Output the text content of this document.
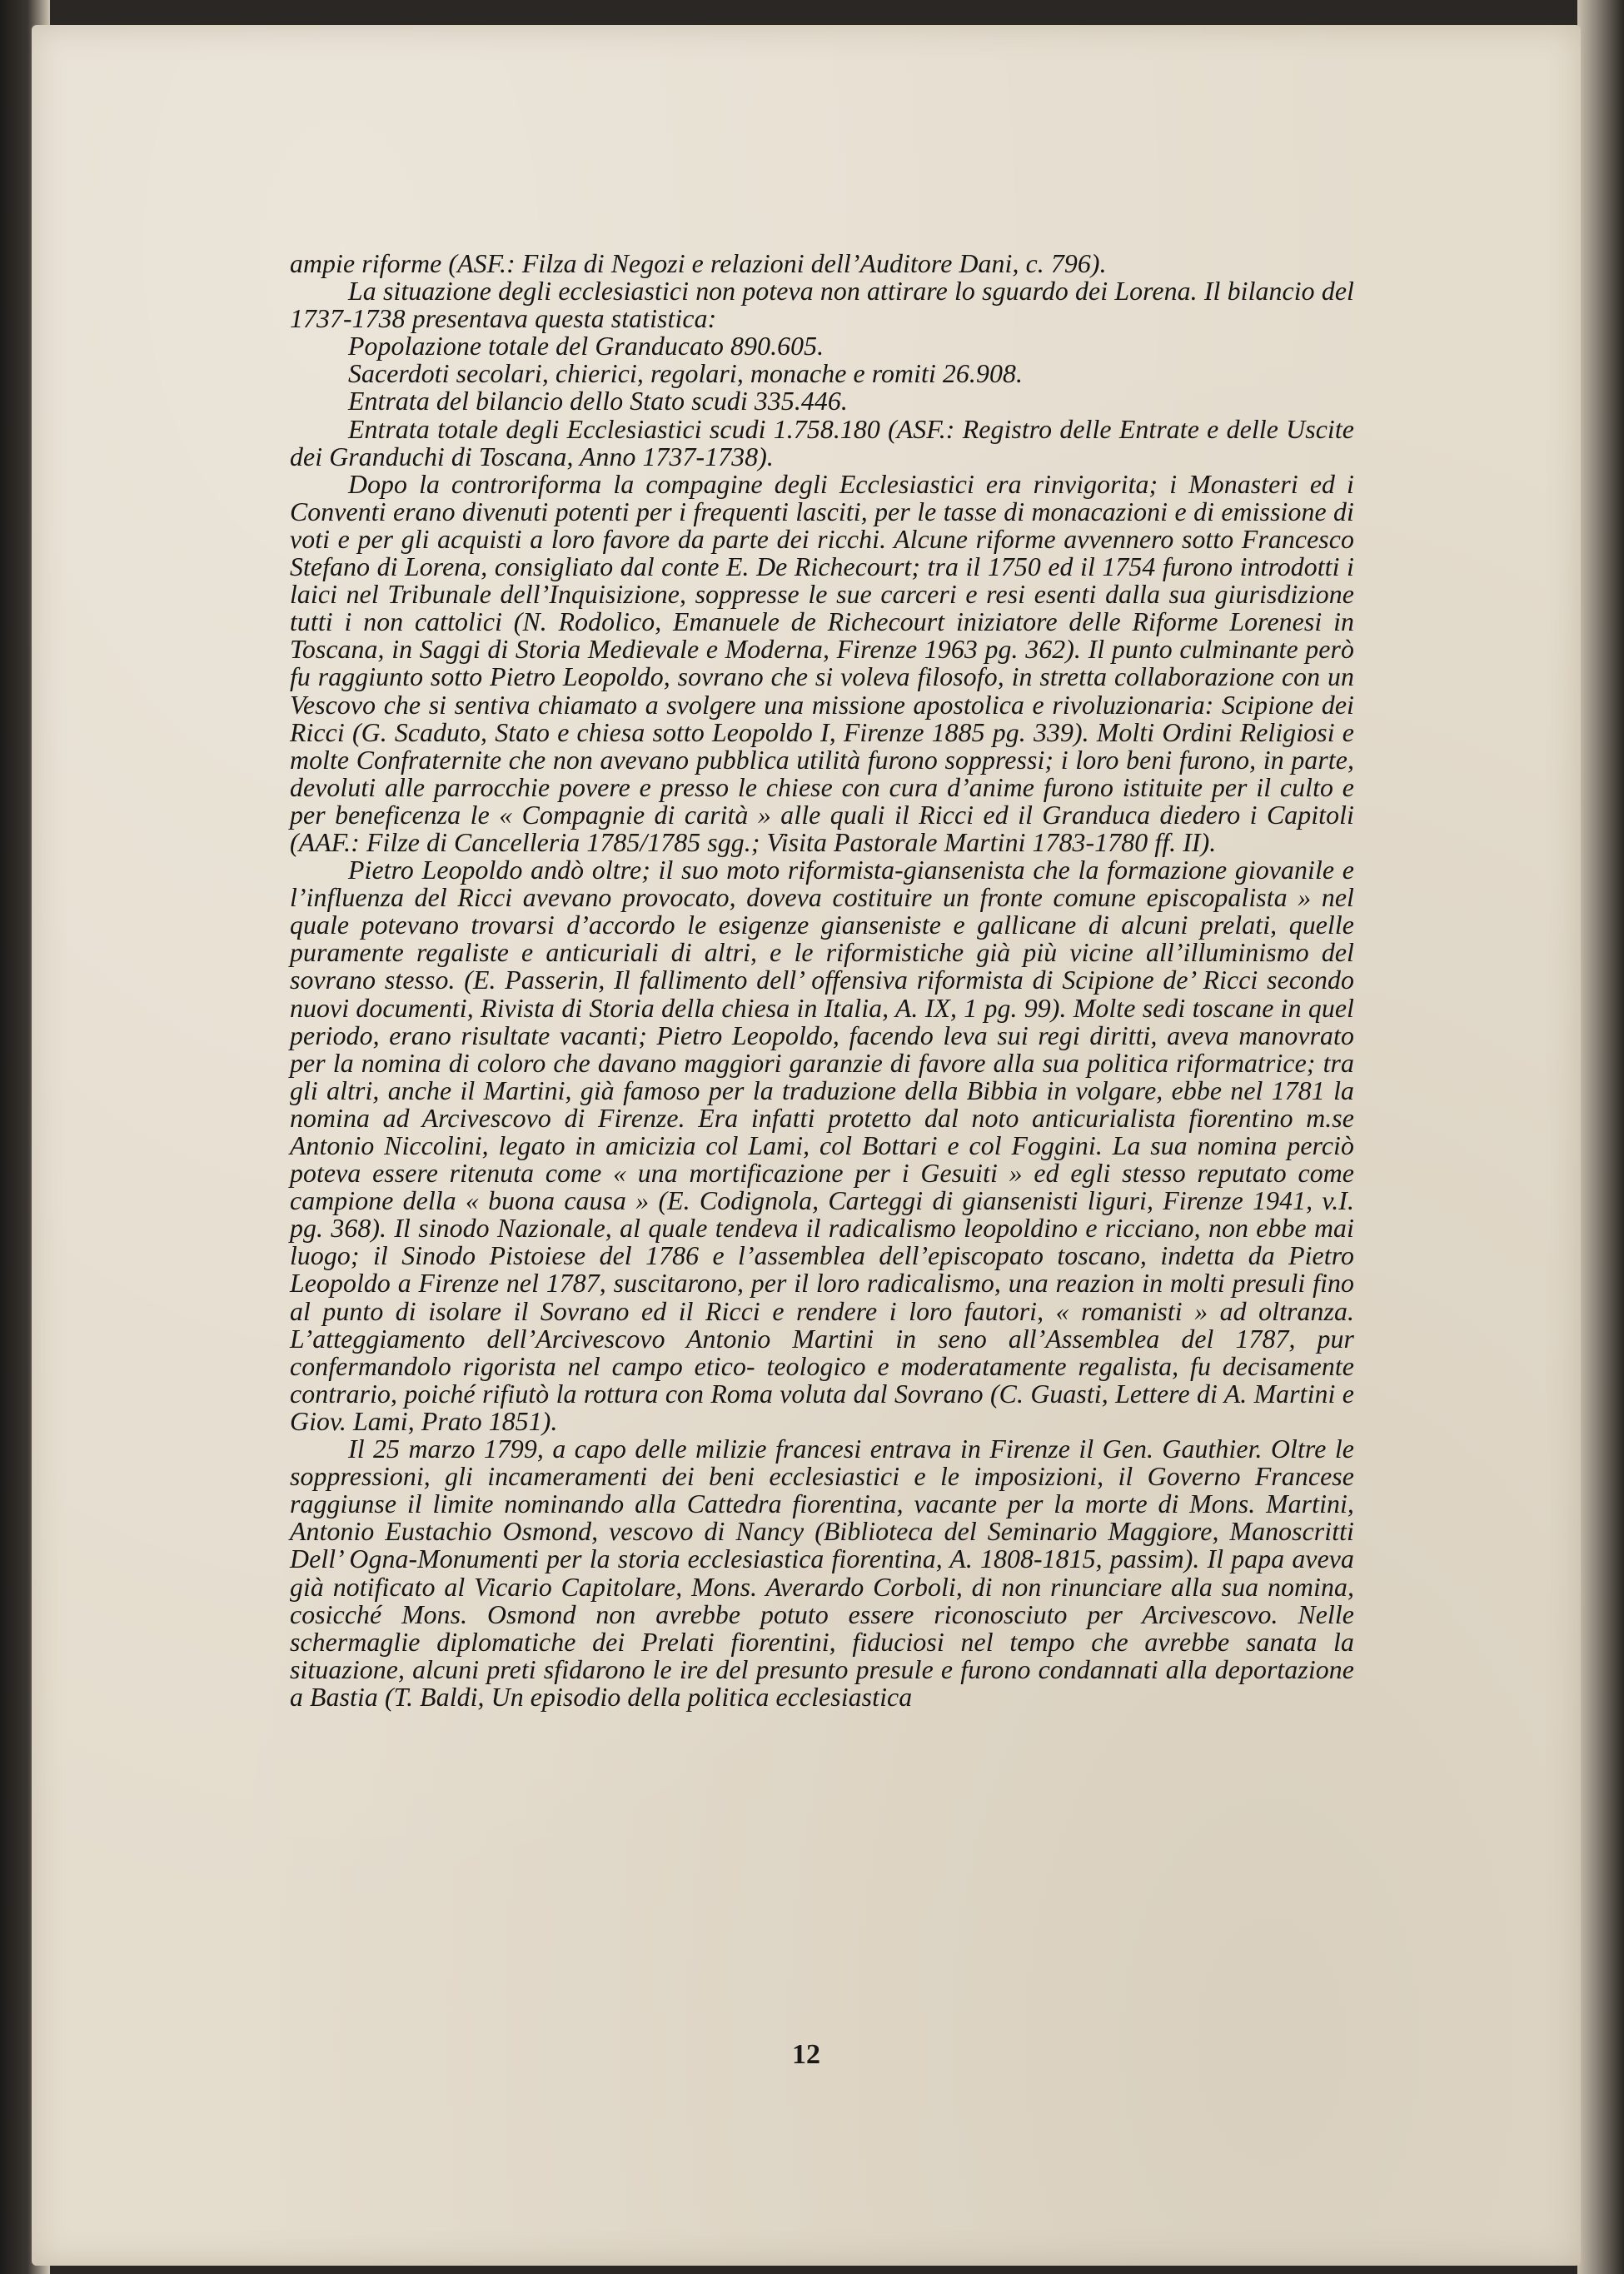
ampie riforme (ASF.: Filza di Negozi e relazioni dell’Auditore Dani, c. 796).

La situazione degli ecclesiastici non poteva non attirare lo sguardo dei Lorena. Il bilancio del 1737-1738 presentava questa statistica:

Popolazione totale del Granducato 890.605.

Sacerdoti secolari, chierici, regolari, monache e romiti 26.908.

Entrata del bilancio dello Stato scudi 335.446.

Entrata totale degli Ecclesiastici scudi 1.758.180 (ASF.: Registro delle Entrate e delle Uscite dei Granduchi di Toscana, Anno 1737-1738).

Dopo la controriforma la compagine degli Ecclesiastici era rinvigorita; i Monasteri ed i Conventi erano divenuti potenti per i frequenti lasciti, per le tasse di monacazioni e di emissione di voti e per gli acquisti a loro favore da parte dei ricchi. Alcune riforme avvennero sotto Francesco Stefano di Lorena, consigliato dal conte E. De Richecourt; tra il 1750 ed il 1754 furono introdotti i laici nel Tribunale dell’Inquisizione, soppresse le sue carceri e resi esenti dalla sua giurisdizione tutti i non cattolici (N. Rodolico, Emanuele de Richecourt iniziatore delle Riforme Lorenesi in Toscana, in Saggi di Storia Medievale e Moderna, Firenze 1963 pg. 362). Il punto culminante però fu raggiunto sotto Pietro Leopoldo, sovrano che si voleva filosofo, in stretta collaborazione con un Vescovo che si sentiva chiamato a svolgere una missione apostolica e rivoluzionaria: Scipione dei Ricci (G. Scaduto, Stato e chiesa sotto Leopoldo I, Firenze 1885 pg. 339). Molti Ordini Religiosi e molte Confraternite che non avevano pubblica utilità furono soppressi; i loro beni furono, in parte, devoluti alle parrocchie povere e presso le chiese con cura d’anime furono istituite per il culto e per beneficenza le « Compagnie di carità » alle quali il Ricci ed il Granduca diedero i Capitoli (AAF.: Filze di Cancelleria 1785/1785 sgg.; Visita Pastorale Martini 1783-1780 ff. II).

Pietro Leopoldo andò oltre; il suo moto riformista-giansenista che la formazione giovanile e l’influenza del Ricci avevano provocato, doveva costituire un fronte comune episcopalista » nel quale potevano trovarsi d’accordo le esigenze gianseniste e gallicane di alcuni prelati, quelle puramente regaliste e anticuriali di altri, e le riformistiche già più vicine all’illuminismo del sovrano stesso. (E. Passerin, Il fallimento dell’ offensiva riformista di Scipione de’ Ricci secondo nuovi documenti, Rivista di Storia della chiesa in Italia, A. IX, 1 pg. 99). Molte sedi toscane in quel periodo, erano risultate vacanti; Pietro Leopoldo, facendo leva sui regi diritti, aveva manovrato per la nomina di coloro che davano maggiori garanzie di favore alla sua politica riformatrice; tra gli altri, anche il Martini, già famoso per la traduzione della Bibbia in volgare, ebbe nel 1781 la nomina ad Arcivescovo di Firenze. Era infatti protetto dal noto anticurialista fiorentino m.se Antonio Niccolini, legato in amicizia col Lami, col Bottari e col Foggini. La sua nomina perciò poteva essere ritenuta come « una mortificazione per i Gesuiti » ed egli stesso reputato come campione della « buona causa » (E. Codignola, Carteggi di giansenisti liguri, Firenze 1941, v.I. pg. 368). Il sinodo Nazionale, al quale tendeva il radicalismo leopoldino e ricciano, non ebbe mai luogo; il Sinodo Pistoiese del 1786 e l’assemblea dell’episcopato toscano, indetta da Pietro Leopoldo a Firenze nel 1787, suscitarono, per il loro radicalismo, una reazion in molti presuli fino al punto di isolare il Sovrano ed il Ricci e rendere i loro fautori, « romanisti » ad oltranza. L’atteggiamento dell’Arcivescovo Antonio Martini in seno all’Assemblea del 1787, pur confermandolo rigorista nel campo etico- teologico e moderatamente regalista, fu decisamente contrario, poiché rifiutò la rottura con Roma voluta dal Sovrano (C. Guasti, Lettere di A. Martini e Giov. Lami, Prato 1851).

Il 25 marzo 1799, a capo delle milizie francesi entrava in Firenze il Gen. Gauthier. Oltre le soppressioni, gli incameramenti dei beni ecclesiastici e le imposizioni, il Governo Francese raggiunse il limite nominando alla Cattedra fiorentina, vacante per la morte di Mons. Martini, Antonio Eustachio Osmond, vescovo di Nancy (Biblioteca del Seminario Maggiore, Manoscritti Dell’ Ogna-Monumenti per la storia ecclesiastica fiorentina, A. 1808-1815, passim). Il papa aveva già notificato al Vicario Capitolare, Mons. Averardo Corboli, di non rinunciare alla sua nomina, cosicché Mons. Osmond non avrebbe potuto essere riconosciuto per Arcivescovo. Nelle schermaglie diplomatiche dei Prelati fiorentini, fiduciosi nel tempo che avrebbe sanata la situazione, alcuni preti sfidarono le ire del presunto presule e furono condannati alla deportazione a Bastia (T. Baldi, Un episodio della politica ecclesiastica

12
